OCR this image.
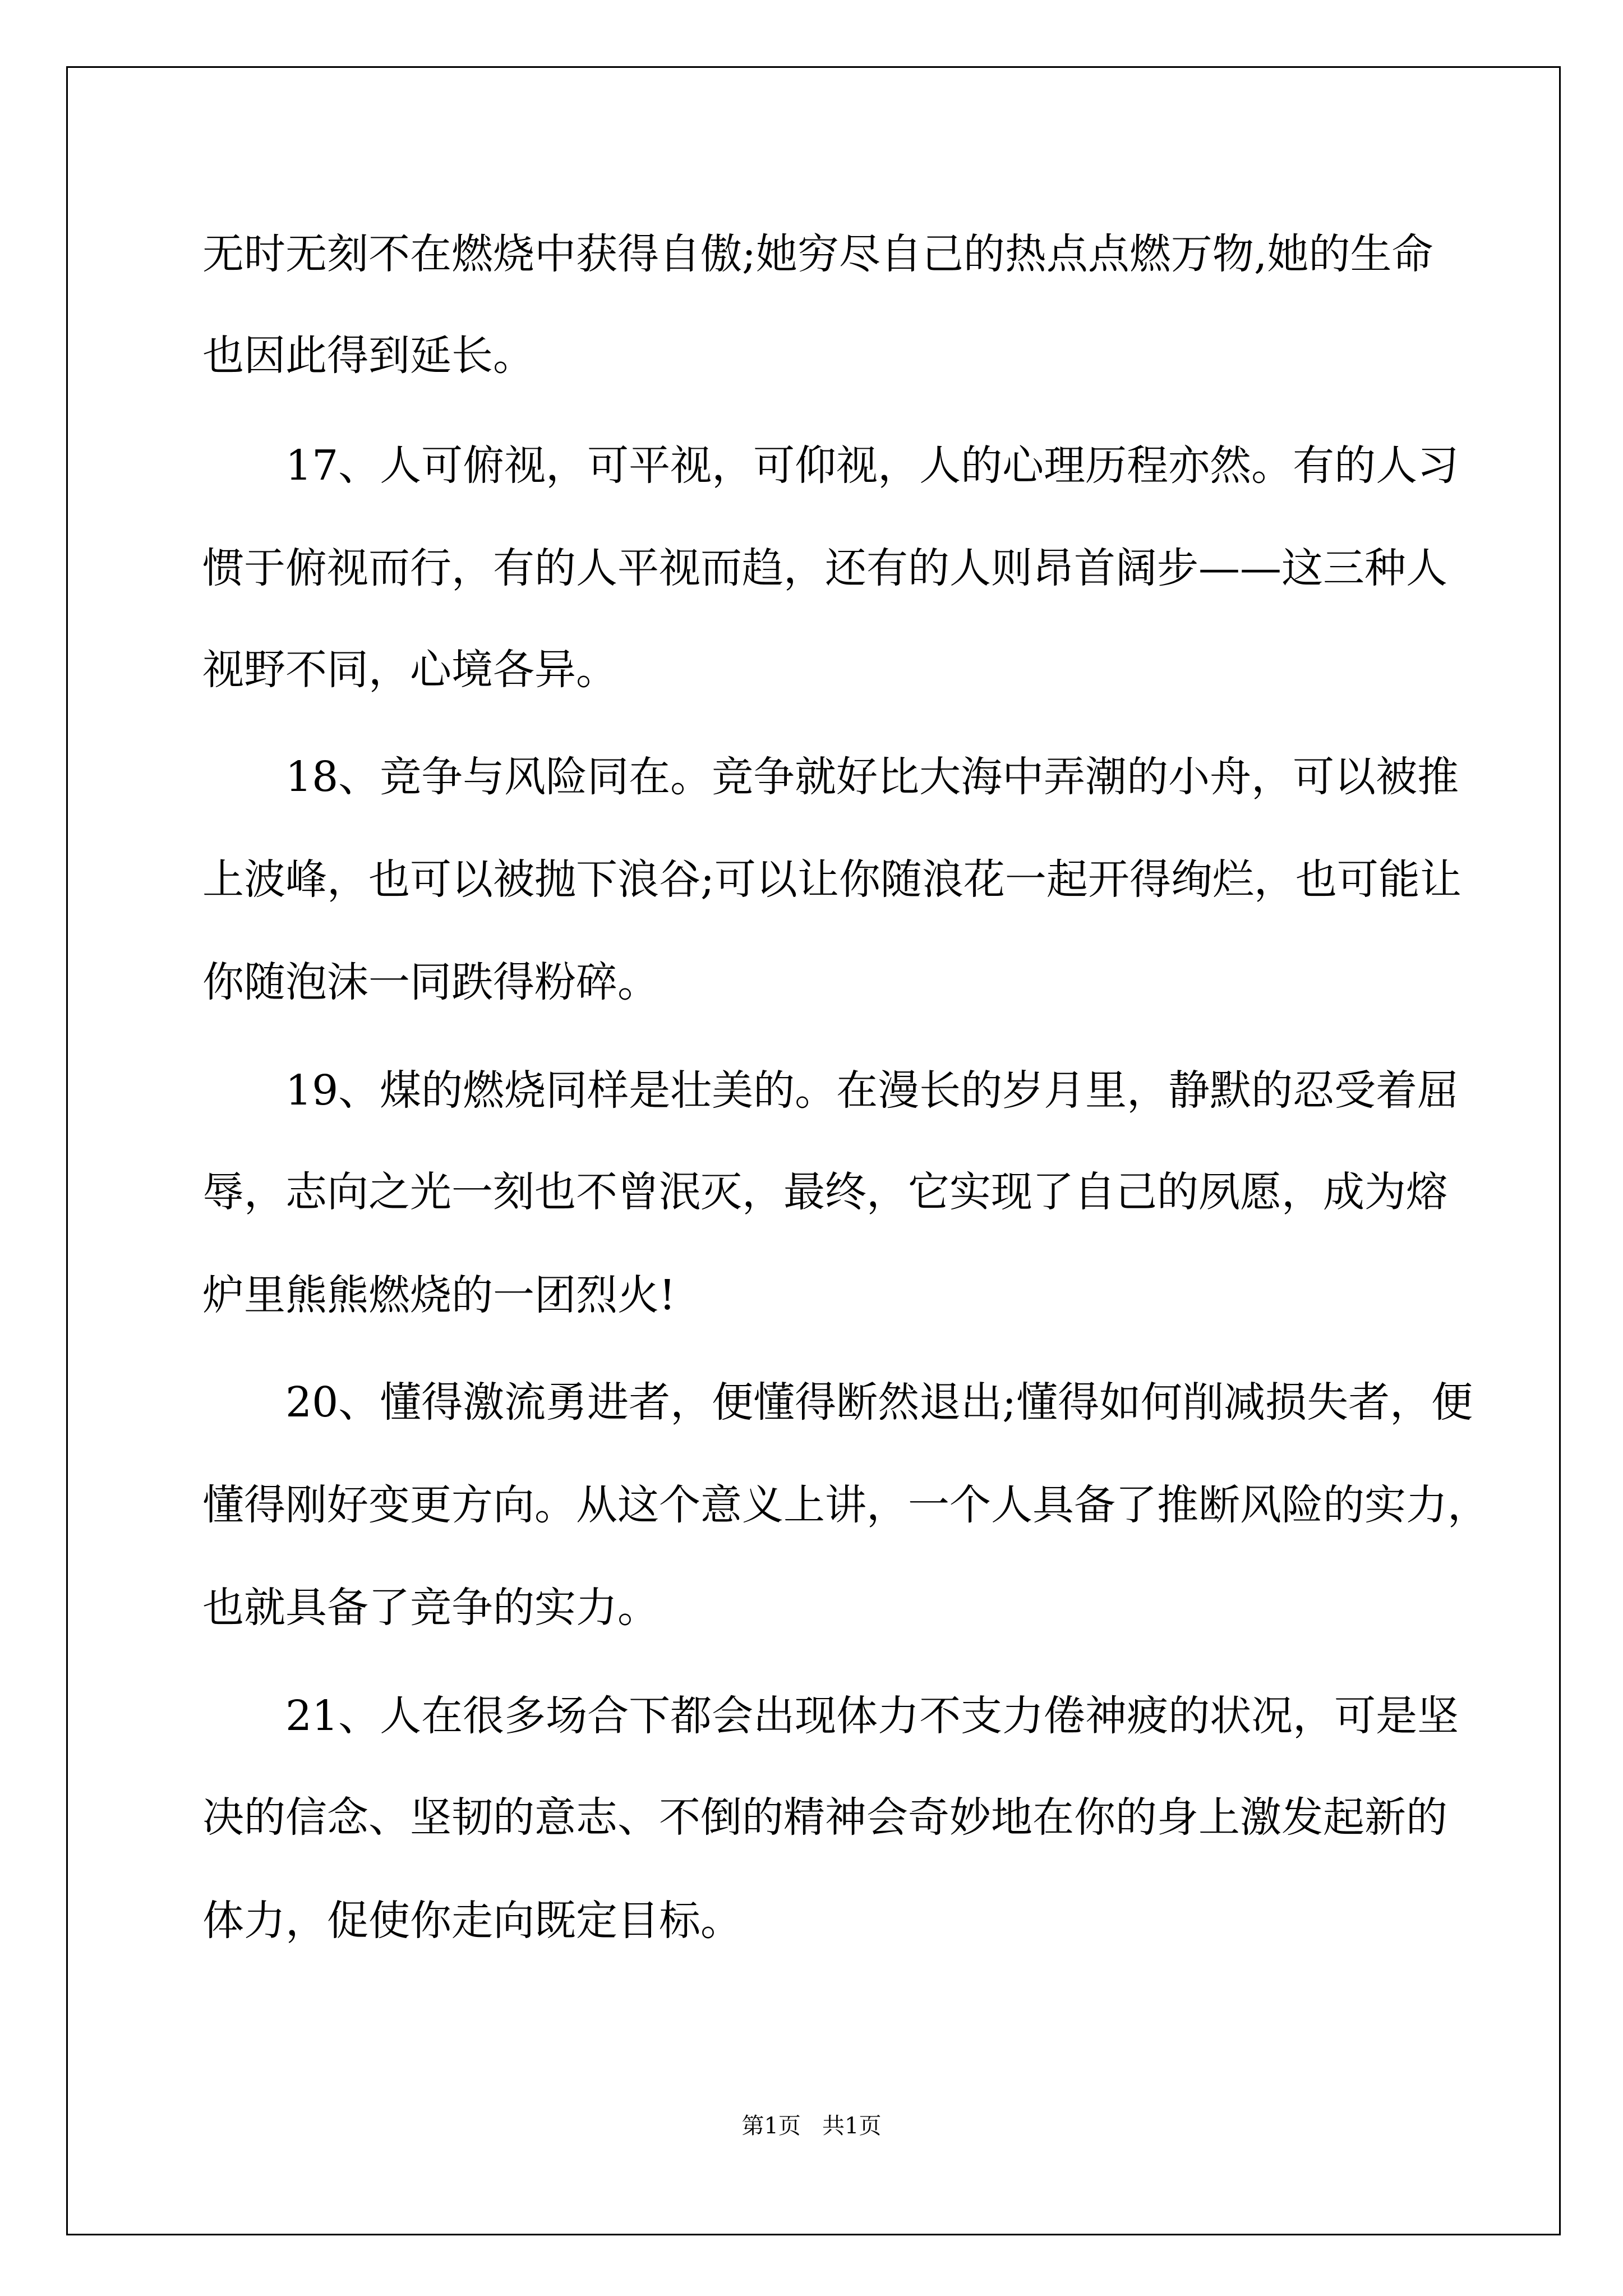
无时无刻不在燃烧中获得自傲;她穷尽自己的热点点燃万物,她的生命
也因此得到延长。
17、人可俯视，可平视，可仰视，人的心理历程亦然。有的人习
惯于俯视而行，有的人平视而趋，还有的人则昂首阔步——这三种人
视野不同，心境各异。
18、竞争与风险同在。竞争就好比大海中弄潮的小舟，可以被推
上波峰，也可以被抛下浪谷;可以让你随浪花一起开得绚烂，也可能让
你随泡沫一同跌得粉碎。
19、煤的燃烧同样是壮美的。在漫长的岁月里，静默的忍受着屈
辱，志向之光一刻也不曾泯灭，最终，它实现了自己的夙愿，成为熔
炉里熊熊燃烧的一团烈火!
20、懂得激流勇进者，便懂得断然退出;懂得如何削减损失者，便
懂得刚好变更方向。从这个意义上讲，一个人具备了推断风险的实力，
也就具备了竞争的实力。
21、人在很多场合下都会出现体力不支力倦神疲的状况，可是坚
决的信念、坚韧的意志、不倒的精神会奇妙地在你的身上激发起新的
体力，促使你走向既定目标。
第1页   共1页
